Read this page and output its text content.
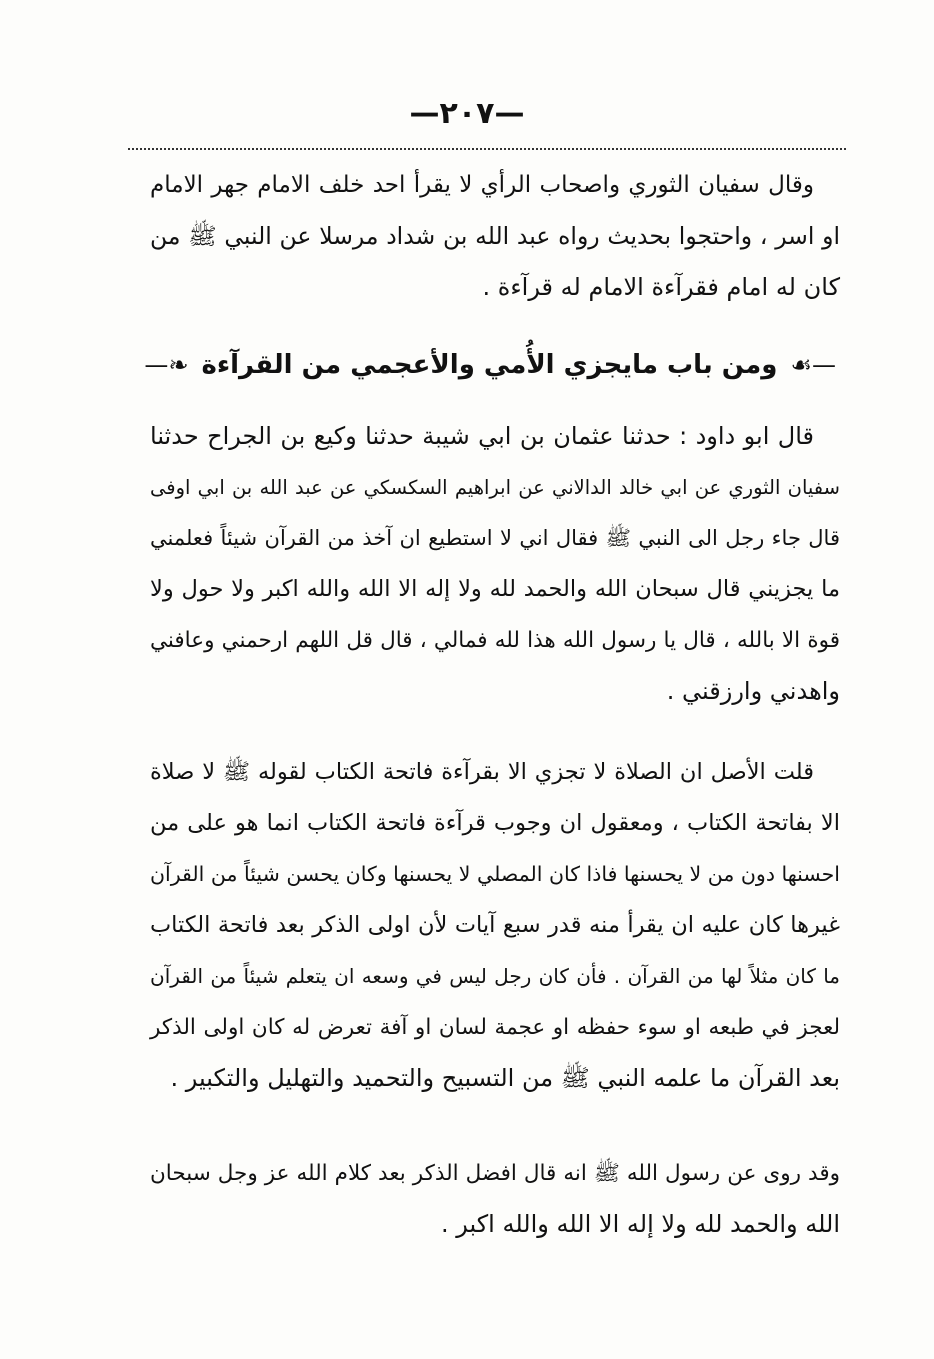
—٢٠٧—
وقال سفيان الثوري واصحاب الرأي لا يقرأ احد خلف الامام جهر الامام
او اسر ، واحتجوا بحديث رواه عبد الله بن شداد مرسلا عن النبي ﷺ من
كان له امام فقرآءة الامام له قرآءة .
—☙ ومن باب مايجزي الأُمي والأعجمي من القرآءة ❧—
قال ابو داود : حدثنا عثمان بن ابي شيبة حدثنا وكيع بن الجراح حدثنا
سفيان الثوري عن ابي خالد الدالاني عن ابراهيم السكسكي عن عبد الله بن ابي اوفى
قال جاء رجل الى النبي ﷺ فقال اني لا استطيع ان آخذ من القرآن شيئاً فعلمني
ما يجزيني قال سبحان الله والحمد لله ولا إله الا الله والله اكبر ولا حول ولا
قوة الا بالله ، قال يا رسول الله هذا لله فمالي ، قال قل اللهم ارحمني وعافني
واهدني وارزقني .
قلت الأصل ان الصلاة لا تجزي الا بقرآءة فاتحة الكتاب لقوله ﷺ لا صلاة
الا بفاتحة الكتاب ، ومعقول ان وجوب قرآءة فاتحة الكتاب انما هو على من
احسنها دون من لا يحسنها فاذا كان المصلي لا يحسنها وكان يحسن شيئاً من القرآن
غيرها كان عليه ان يقرأ منه قدر سبع آيات لأن اولى الذكر بعد فاتحة الكتاب
ما كان مثلاً لها من القرآن . فأن كان رجل ليس في وسعه ان يتعلم شيئاً من القرآن
لعجز في طبعه او سوء حفظه او عجمة لسان او آفة تعرض له كان اولى الذكر
بعد القرآن ما علمه النبي ﷺ من التسبيح والتحميد والتهليل والتكبير .
وقد روى عن رسول الله ﷺ انه قال افضل الذكر بعد كلام الله عز وجل سبحان
الله والحمد لله ولا إله الا الله والله اكبر .
